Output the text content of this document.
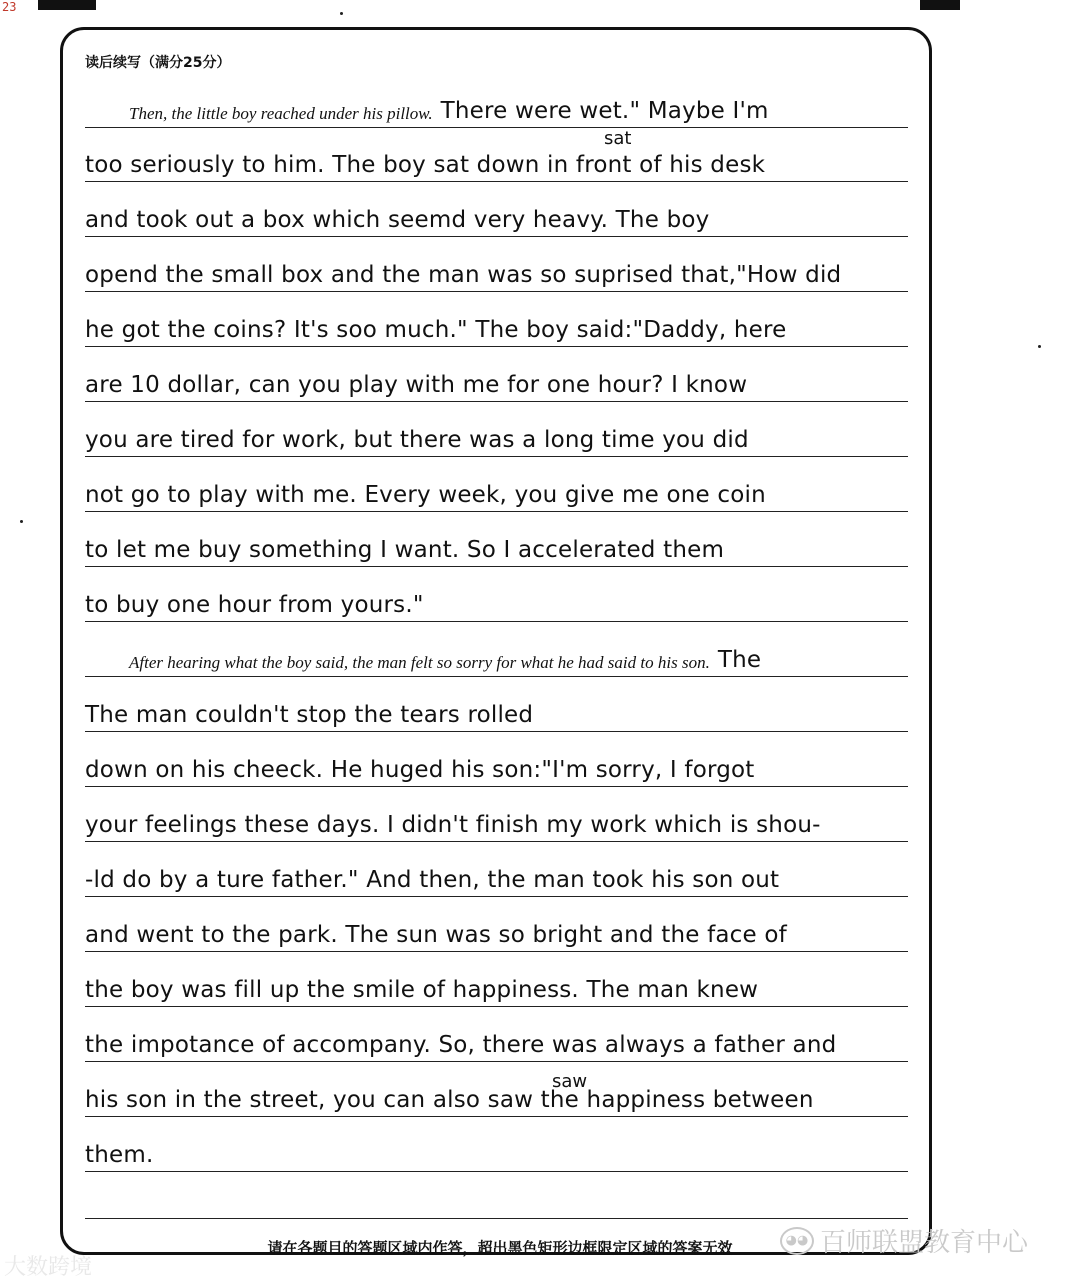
23
读后续写（满分25分）
sat
Then, the little boy reached under his pillow. There were wet." Maybe I'm
too seriously to him. The boy sat down in front of his desk
and took out a box which seemd very heavy. The boy
opend the small box and the man was so suprised that,"How did
he got the coins? It's soo much." The boy said:"Daddy, here
are 10 dollar, can you play with me for one hour? I know
you are tired for work, but there was a long time you did
not go to play with me. Every week, you give me one coin
to let me buy something I want. So I accelerated them
to buy one hour from yours."
After hearing what the boy said, the man felt so sorry for what he had said to his son. The
The man couldn't stop the tears rolled
down on his cheeck. He huged his son:"I'm sorry, I forgot
your feelings these days. I didn't finish my work which is shou-
-ld do by a ture father." And then, the man took his son out
and went to the park. The sun was so bright and the face of
the boy was fill up the smile of happiness. The man knew
the impotance of accompany. So, there was always a father and
saw
his son in the street, you can also saw the happiness between
them.
请在各题目的答题区域内作答，超出黑色矩形边框限定区域的答案无效
大数跨境
◕◕ 百师联盟教育中心
